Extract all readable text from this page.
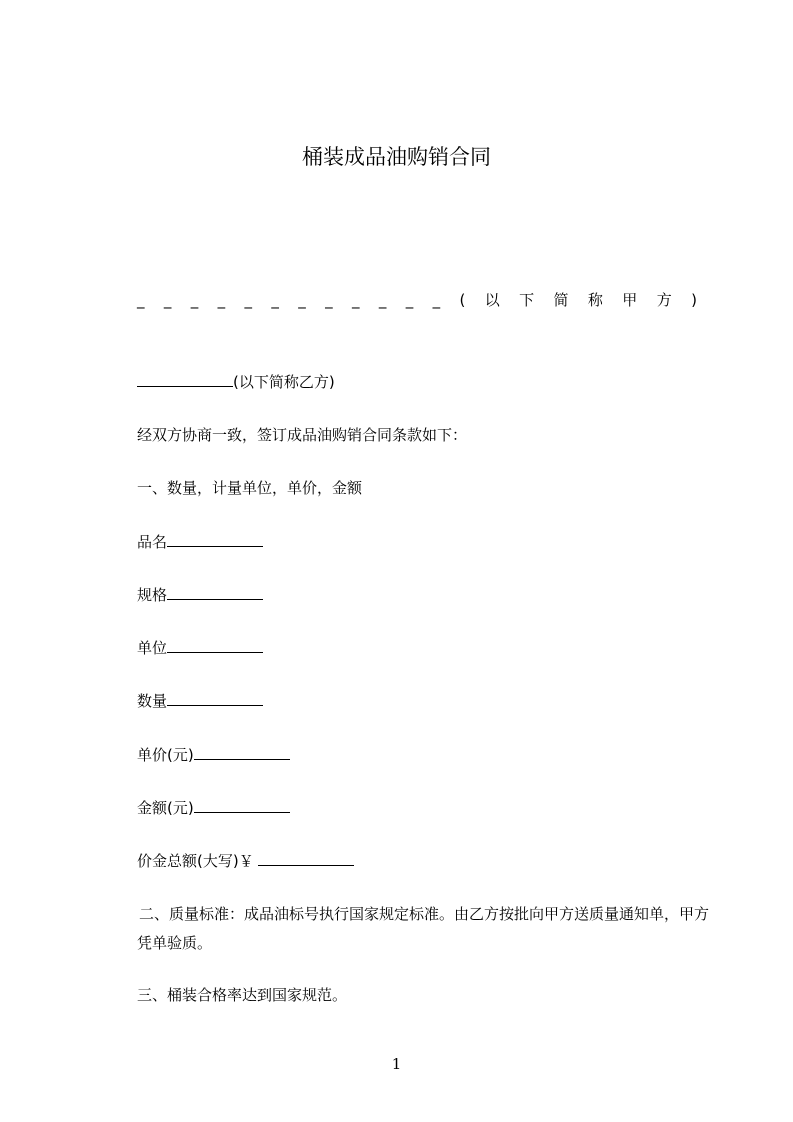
桶装成品油购销合同
_ _ _ _ _ _ _ _ _ _ _ _ ( 以 下 简 称 甲 方 )
(以下简称乙方)
经双方协商一致，签订成品油购销合同条款如下：
一、数量，计量单位，单价，金额
品名
规格
单位
数量
单价(元)
金额(元)
价金总额(大写)￥
二、质量标准：成品油标号执行国家规定标准。由乙方按批向甲方送质量通知单，甲方凭单验质。
三、桶装合格率达到国家规范。
1
